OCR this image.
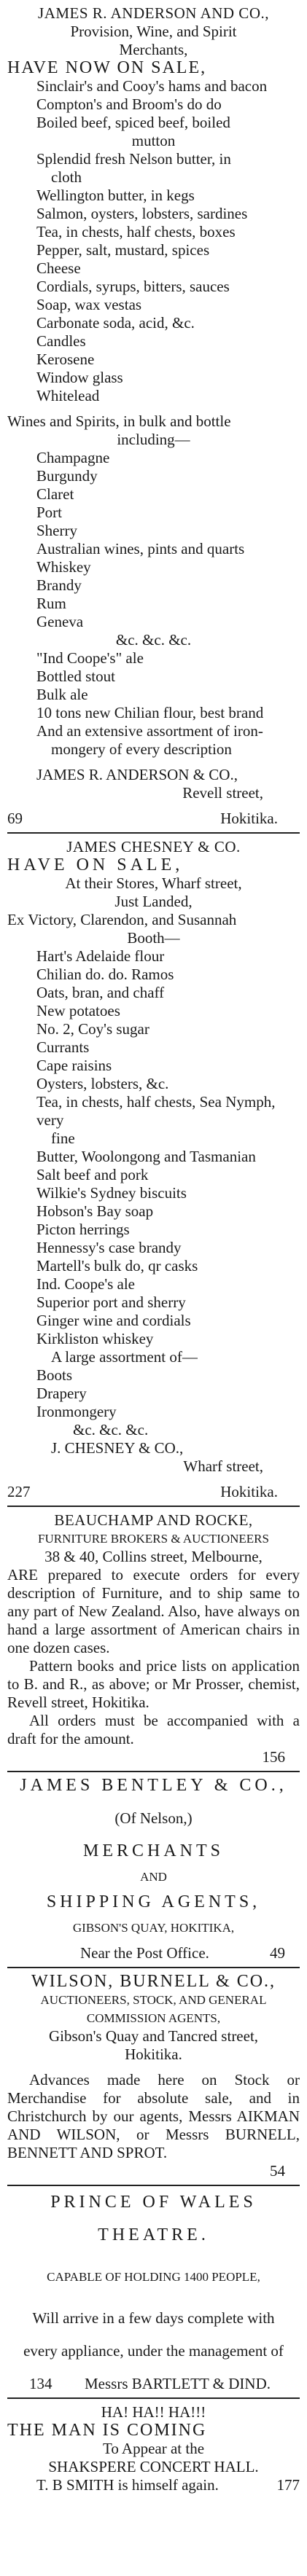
JAMES R. ANDERSON AND CO.,
Provision, Wine, and Spirit
Merchants,
HAVE NOW ON SALE,
Sinclair's and Cooy's hams and bacon
Compton's and Broom's do do
Boiled beef, spiced beef, boiled
mutton
Splendid fresh Nelson butter, in
cloth
Wellington butter, in kegs
Salmon, oysters, lobsters, sardines
Tea, in chests, half chests, boxes
Pepper, salt, mustard, spices
Cheese
Cordials, syrups, bitters, sauces
Soap, wax vestas
Carbonate soda, acid, &c.
Candles
Kerosene
Window glass
Whitelead
Wines and Spirits, in bulk and bottle
including—
Champagne
Burgundy
Claret
Port
Sherry
Australian wines, pints and quarts
Whiskey
Brandy
Rum
Geneva
&c. &c. &c.
"Ind Coope's" ale
Bottled stout
Bulk ale
10 tons new Chilian flour, best brand
And an extensive assortment of iron-
mongery of every description
JAMES R. ANDERSON & CO.,
Revell street,
69	Hokitika.
JAMES CHESNEY & CO.
HAVE ON SALE,
At their Stores, Wharf street,
Just Landed,
Ex Victory, Clarendon, and Susannah
Booth—
Hart's Adelaide flour
Chilian do. do. Ramos
Oats, bran, and chaff
New potatoes
No. 2, Coy's sugar
Currants
Cape raisins
Oysters, lobsters, &c.
Tea, in chests, half chests, Sea Nymph, very
fine
Butter, Woolongong and Tasmanian
Salt beef and pork
Wilkie's Sydney biscuits
Hobson's Bay soap
Picton herrings
Hennessy's case brandy
Martell's bulk do, qr casks
Ind. Coope's ale
Superior port and sherry
Ginger wine and cordials
Kirkliston whiskey
A large assortment of—
Boots
Drapery
Ironmongery
&c. &c. &c.
J. CHESNEY & CO.,
Wharf street,
227	Hokitika.
BEAUCHAMP AND ROCKE,
FURNITURE BROKERS & AUCTIONEERS
38 & 40, Collins street, Melbourne,
ARE prepared to execute orders for every description of Furniture, and to ship same to any part of New Zealand. Also, have always on hand a large assortment of American chairs in one dozen cases.
Pattern books and price lists on application to B. and R., as above; or Mr Prosser, chemist, Revell street, Hokitika.
All orders must be accompanied with a draft for the amount.
156
JAMES BENTLEY & CO.,
(Of Nelson,)
MERCHANTS
AND
SHIPPING AGENTS,
GIBSON'S QUAY, HOKITIKA,
Near the Post Office.	49
WILSON, BURNELL & CO.,
AUCTIONEERS, STOCK, AND GENERAL
COMMISSION AGENTS,
Gibson's Quay and Tancred street,
Hokitika.
Advances made here on Stock or Merchandise for absolute sale, and in Christchurch by our agents, Messrs AIKMAN AND WILSON, or Messrs BURNELL, BENNETT AND SPROT.
54
PRINCE OF WALES
THEATRE.
CAPABLE OF HOLDING 1400 PEOPLE,
Will arrive in a few days complete with
every appliance, under the management of
134 Messrs BARTLETT & DIND.
HA! HA!! HA!!!
THE MAN IS COMING
To Appear at the
SHAKSPERE CONCERT HALL.
T. B SMITH is himself again.	177
